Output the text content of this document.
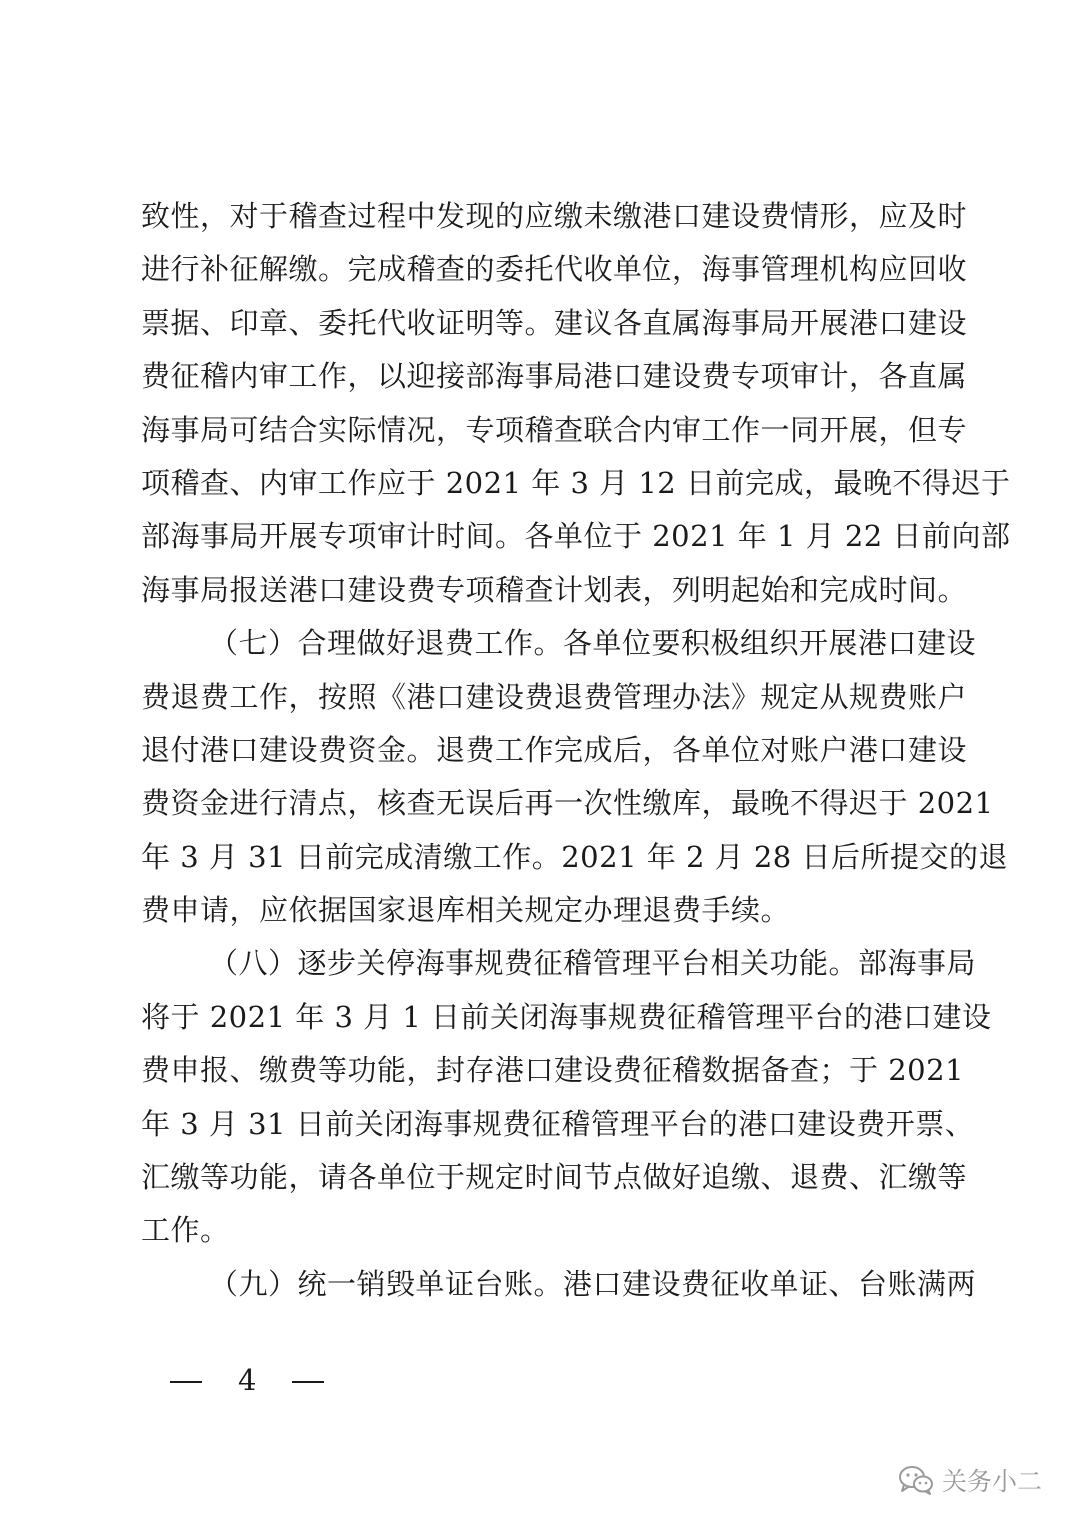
致性，对于稽查过程中发现的应缴未缴港口建设费情形，应及时
进行补征解缴。完成稽查的委托代收单位，海事管理机构应回收
票据、印章、委托代收证明等。建议各直属海事局开展港口建设
费征稽内审工作，以迎接部海事局港口建设费专项审计，各直属
海事局可结合实际情况，专项稽查联合内审工作一同开展，但专
项稽查、内审工作应于 2021 年 3 月 12 日前完成，最晚不得迟于
部海事局开展专项审计时间。各单位于 2021 年 1 月 22 日前向部
海事局报送港口建设费专项稽查计划表，列明起始和完成时间。
（七）合理做好退费工作。各单位要积极组织开展港口建设
费退费工作，按照《港口建设费退费管理办法》规定从规费账户
退付港口建设费资金。退费工作完成后，各单位对账户港口建设
费资金进行清点，核查无误后再一次性缴库，最晚不得迟于 2021
年 3 月 31 日前完成清缴工作。2021 年 2 月 28 日后所提交的退
费申请，应依据国家退库相关规定办理退费手续。
（八）逐步关停海事规费征稽管理平台相关功能。部海事局
将于 2021 年 3 月 1 日前关闭海事规费征稽管理平台的港口建设
费申报、缴费等功能，封存港口建设费征稽数据备查；于 2021
年 3 月 31 日前关闭海事规费征稽管理平台的港口建设费开票、
汇缴等功能，请各单位于规定时间节点做好追缴、退费、汇缴等
工作。
（九）统一销毁单证台账。港口建设费征收单证、台账满两
4
关务小二
